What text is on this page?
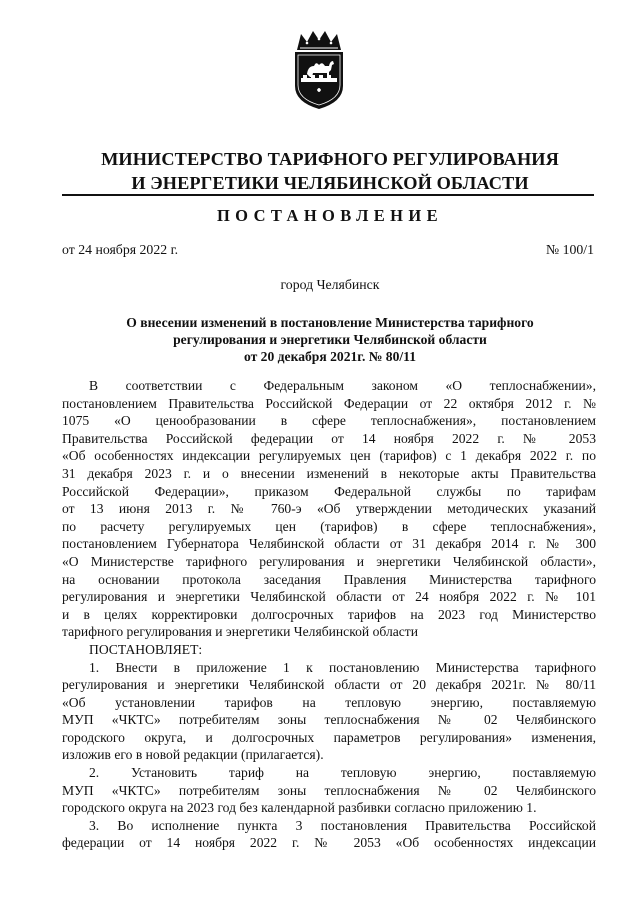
МИНИСТЕРСТВО ТАРИФНОГО РЕГУЛИРОВАНИЯ
И ЭНЕРГЕТИКИ ЧЕЛЯБИНСКОЙ ОБЛАСТИ
ПОСТАНОВЛЕНИЕ
от 24 ноября 2022 г.	№ 100/1
город Челябинск
О внесении изменений в постановление Министерства тарифного
регулирования и энергетики Челябинской области
от 20 декабря 2021г. № 80/11
В соответствии с Федеральным законом «О теплоснабжении»,
постановлением Правительства Российской Федерации от 22 октября 2012 г. №
1075 «О ценообразовании в сфере теплоснабжения», постановлением
Правительства Российской федерации от 14 ноября 2022 г. № 2053
«Об особенностях индексации регулируемых цен (тарифов) с 1 декабря 2022 г. по
31 декабря 2023 г. и о внесении изменений в некоторые акты Правительства
Российской Федерации», приказом Федеральной службы по тарифам
от 13 июня 2013 г. № 760-э «Об утверждении методических указаний
по расчету регулируемых цен (тарифов) в сфере теплоснабжения»,
постановлением Губернатора Челябинской области от 31 декабря 2014 г. № 300
«О Министерстве тарифного регулирования и энергетики Челябинской области»,
на основании протокола заседания Правления Министерства тарифного
регулирования и энергетики Челябинской области от 24 ноября 2022 г. № 101
и в целях корректировки долгосрочных тарифов на 2023 год Министерство
тарифного регулирования и энергетики Челябинской области
ПОСТАНОВЛЯЕТ:
1. Внести в приложение 1 к постановлению Министерства тарифного
регулирования и энергетики Челябинской области от 20 декабря 2021г. № 80/11
«Об установлении тарифов на тепловую энергию, поставляемую
МУП «ЧКТС» потребителям зоны теплоснабжения № 02 Челябинского
городского округа, и долгосрочных параметров регулирования» изменения,
изложив его в новой редакции (прилагается).
2. Установить тариф на тепловую энергию, поставляемую
МУП «ЧКТС» потребителям зоны теплоснабжения № 02 Челябинского
городского округа на 2023 год без календарной разбивки согласно приложению 1.
3. Во исполнение пункта 3 постановления Правительства Российской
федерации от 14 ноября 2022 г. № 2053 «Об особенностях индексации
